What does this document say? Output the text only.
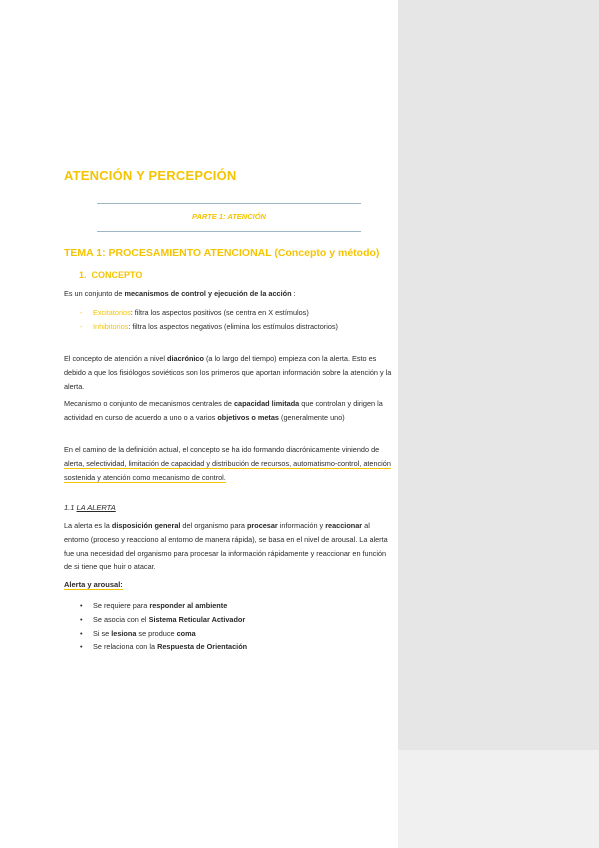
ATENCIÓN Y PERCEPCIÓN
PARTE 1: ATENCIÓN
TEMA 1: PROCESAMIENTO ATENCIONAL (Concepto y método)
1. CONCEPTO
Es un conjunto de mecanismos de control y ejecución de la acción :
- Excitatorios: filtra los aspectos positivos (se centra en X estímulos)
- Inhibitorios: filtra los aspectos negativos (elimina los estímulos distractorios)
El concepto de atención a nivel diacrónico (a lo largo del tiempo) empieza con la alerta. Esto es debido a que los fisiólogos soviéticos son los primeros que aportan información sobre la atención y la alerta.
Mecanismo o conjunto de mecanismos centrales de capacidad limitada que controlan y dirigen la actividad en curso de acuerdo a uno o a varios objetivos o metas (generalmente uno)
En el camino de la definición actual, el concepto se ha ido formando diacrónicamente viniendo de alerta, selectividad, limitación de capacidad y distribución de recursos, automatismo-control, atención sostenida y atención como mecanismo de control.
1.1 LA ALERTA
La alerta es la disposición general del organismo para procesar información y reaccionar al entorno (proceso y reacciono al entorno de manera rápida), se basa en el nivel de arousal. La alerta fue una necesidad del organismo para procesar la información rápidamente y reaccionar en función de si tiene que huir o atacar.
Alerta y arousal:
• Se requiere para responder al ambiente
• Se asocia con el Sistema Reticular Activador
• Si se lesiona se produce coma
• Se relaciona con la Respuesta de Orientación
